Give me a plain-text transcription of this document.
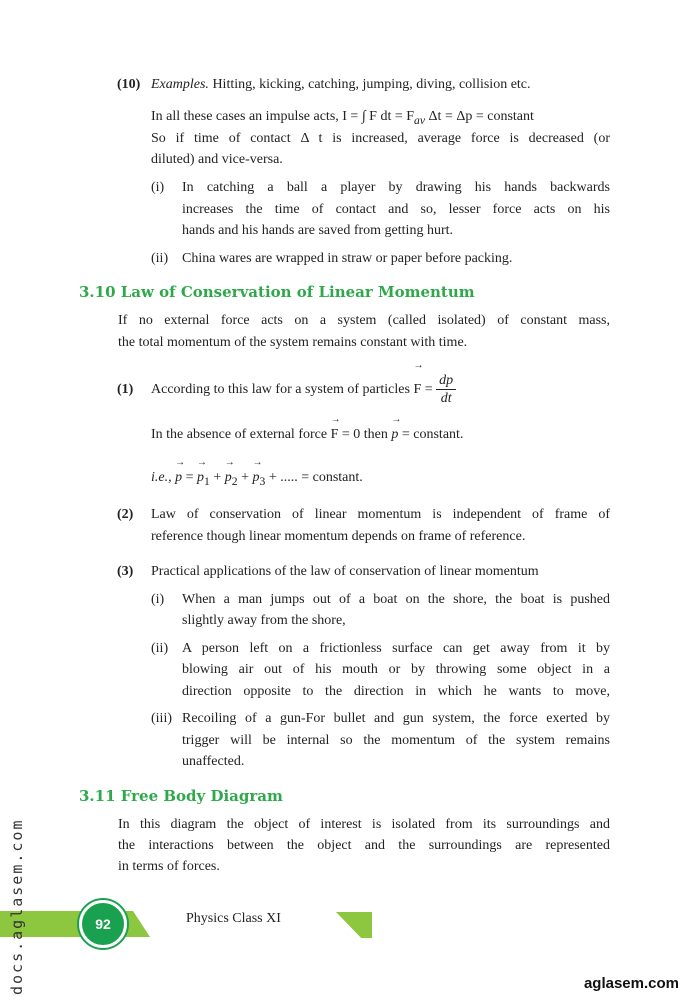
(10) Examples. Hitting, kicking, catching, jumping, diving, collision etc.
In all these cases an impulse acts, I = ∫ F dt = $F_{av}$ Δt = Δp = constant
So if time of contact Δ t is increased, average force is decreased (or
diluted) and vice-versa.
(i) In catching a ball a player by drawing his hands backwards
increases the time of contact and so, lesser force acts on his
hands and his hands are saved from getting hurt.
(ii) China wares are wrapped in straw or paper before packing.
3.10 Law of Conservation of Linear Momentum
If no external force acts on a system (called isolated) of constant mass,
the total momentum of the system remains constant with time.
(1) According to this law for a system of particles → $F = \frac{dp}{dt}$
In the absence of external force → F = 0 then → p = constant.
i.e., → p = → $p_1$ + → $p_2$ + → $p_3$ + ..... = constant.
(2) Law of conservation of linear momentum is independent of frame of
reference though linear momentum depends on frame of reference.
(3) Practical applications of the law of conservation of linear momentum
(i) When a man jumps out of a boat on the shore, the boat is pushed
slightly away from the shore,
(ii) A person left on a frictionless surface can get away from it by
blowing air out of his mouth or by throwing some object in a
direction opposite to the direction in which he wants to move,
(iii) Recoiling of a gun-For bullet and gun system, the force exerted by
trigger will be internal so the momentum of the system remains
unaffected.
3.11 Free Body Diagram
In this diagram the object of interest is isolated from its surroundings and
the interactions between the object and the surroundings are represented
in terms of forces.
92	Physics Class XI
docs.aglasem.com	aglasem.com
